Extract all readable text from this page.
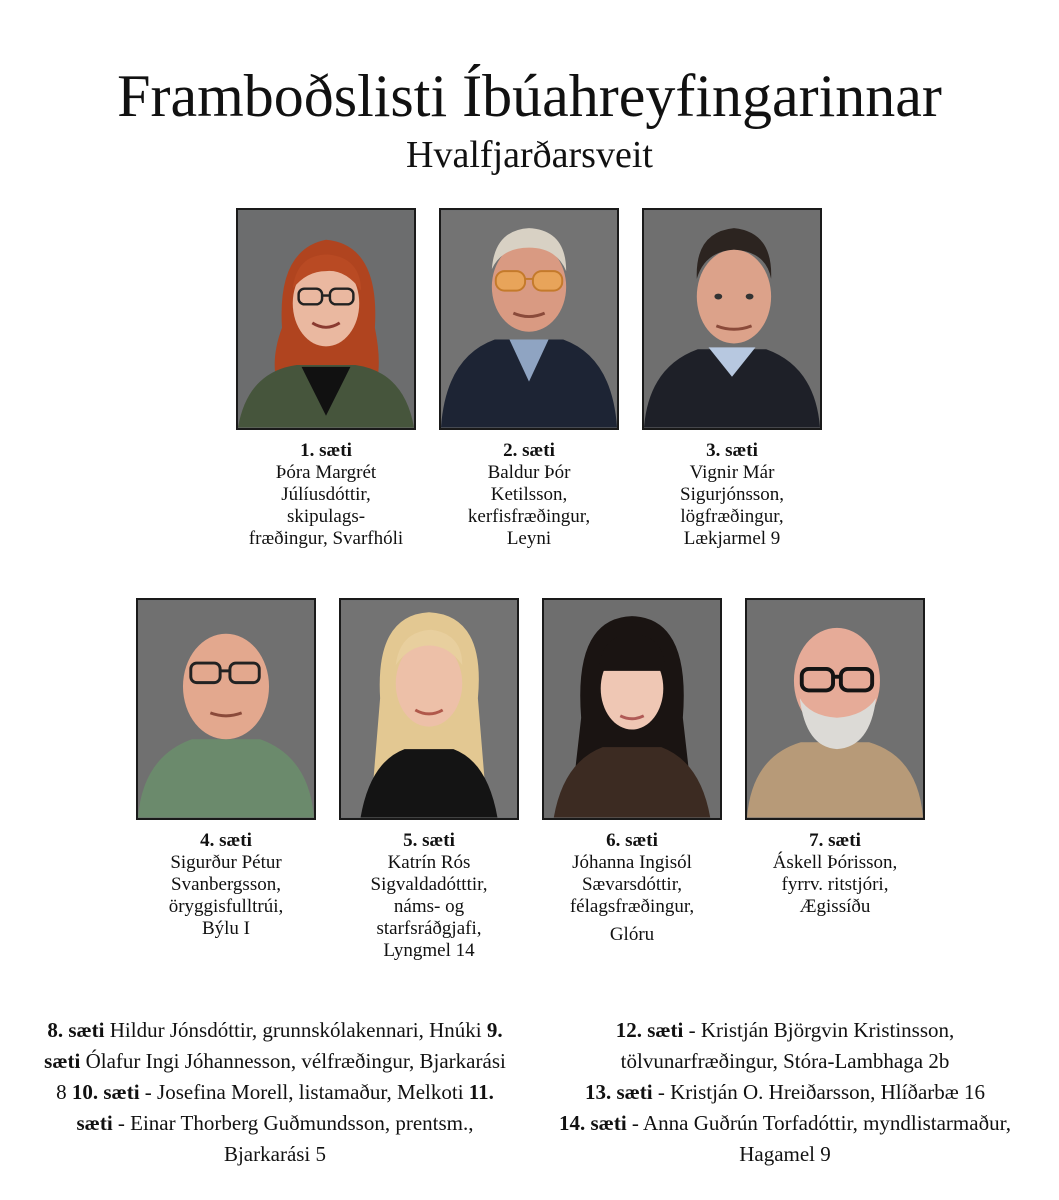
Framboðslisti Íbúahreyfingarinnar
Hvalfjarðarsveit
1. sæti
Þóra Margrét
Júlíusdóttir,
skipulags-
fræðingur, Svarfhóli
2. sæti
Baldur Þór
Ketilsson,
kerfisfræðingur,
Leyni
3. sæti
Vignir Már
Sigurjónsson,
lögfræðingur,
Lækjarmel 9
4. sæti
Sigurður Pétur
Svanbergsson,
öryggisfulltrúi,
Býlu I
5. sæti
Katrín Rós
Sigvaldadótttir,
náms- og
starfsráðgjafi,
Lyngmel 14
6. sæti
Jóhanna Ingisól
Sævarsdóttir,
félagsfræðingur,
Glóru
7. sæti
Áskell Þórisson,
fyrrv. ritstjóri,
Ægissíðu
8. sæti Hildur Jónsdóttir, grunnskólakennari, Hnúki 9. sæti Ólafur Ingi Jóhannesson, vélfræðingur, Bjarkarási 8 10. sæti - Josefina Morell, listamaður, Melkoti 11. sæti - Einar Thorberg Guðmundsson, prentsm., Bjarkarási 5
12. sæti - Kristján Björgvin Kristinsson, tölvunarfræðingur, Stóra-Lambhaga 2b
13. sæti - Kristján O. Hreiðarsson, Hlíðarbæ 16
14. sæti - Anna Guðrún Torfadóttir, myndlistarmaður, Hagamel 9
